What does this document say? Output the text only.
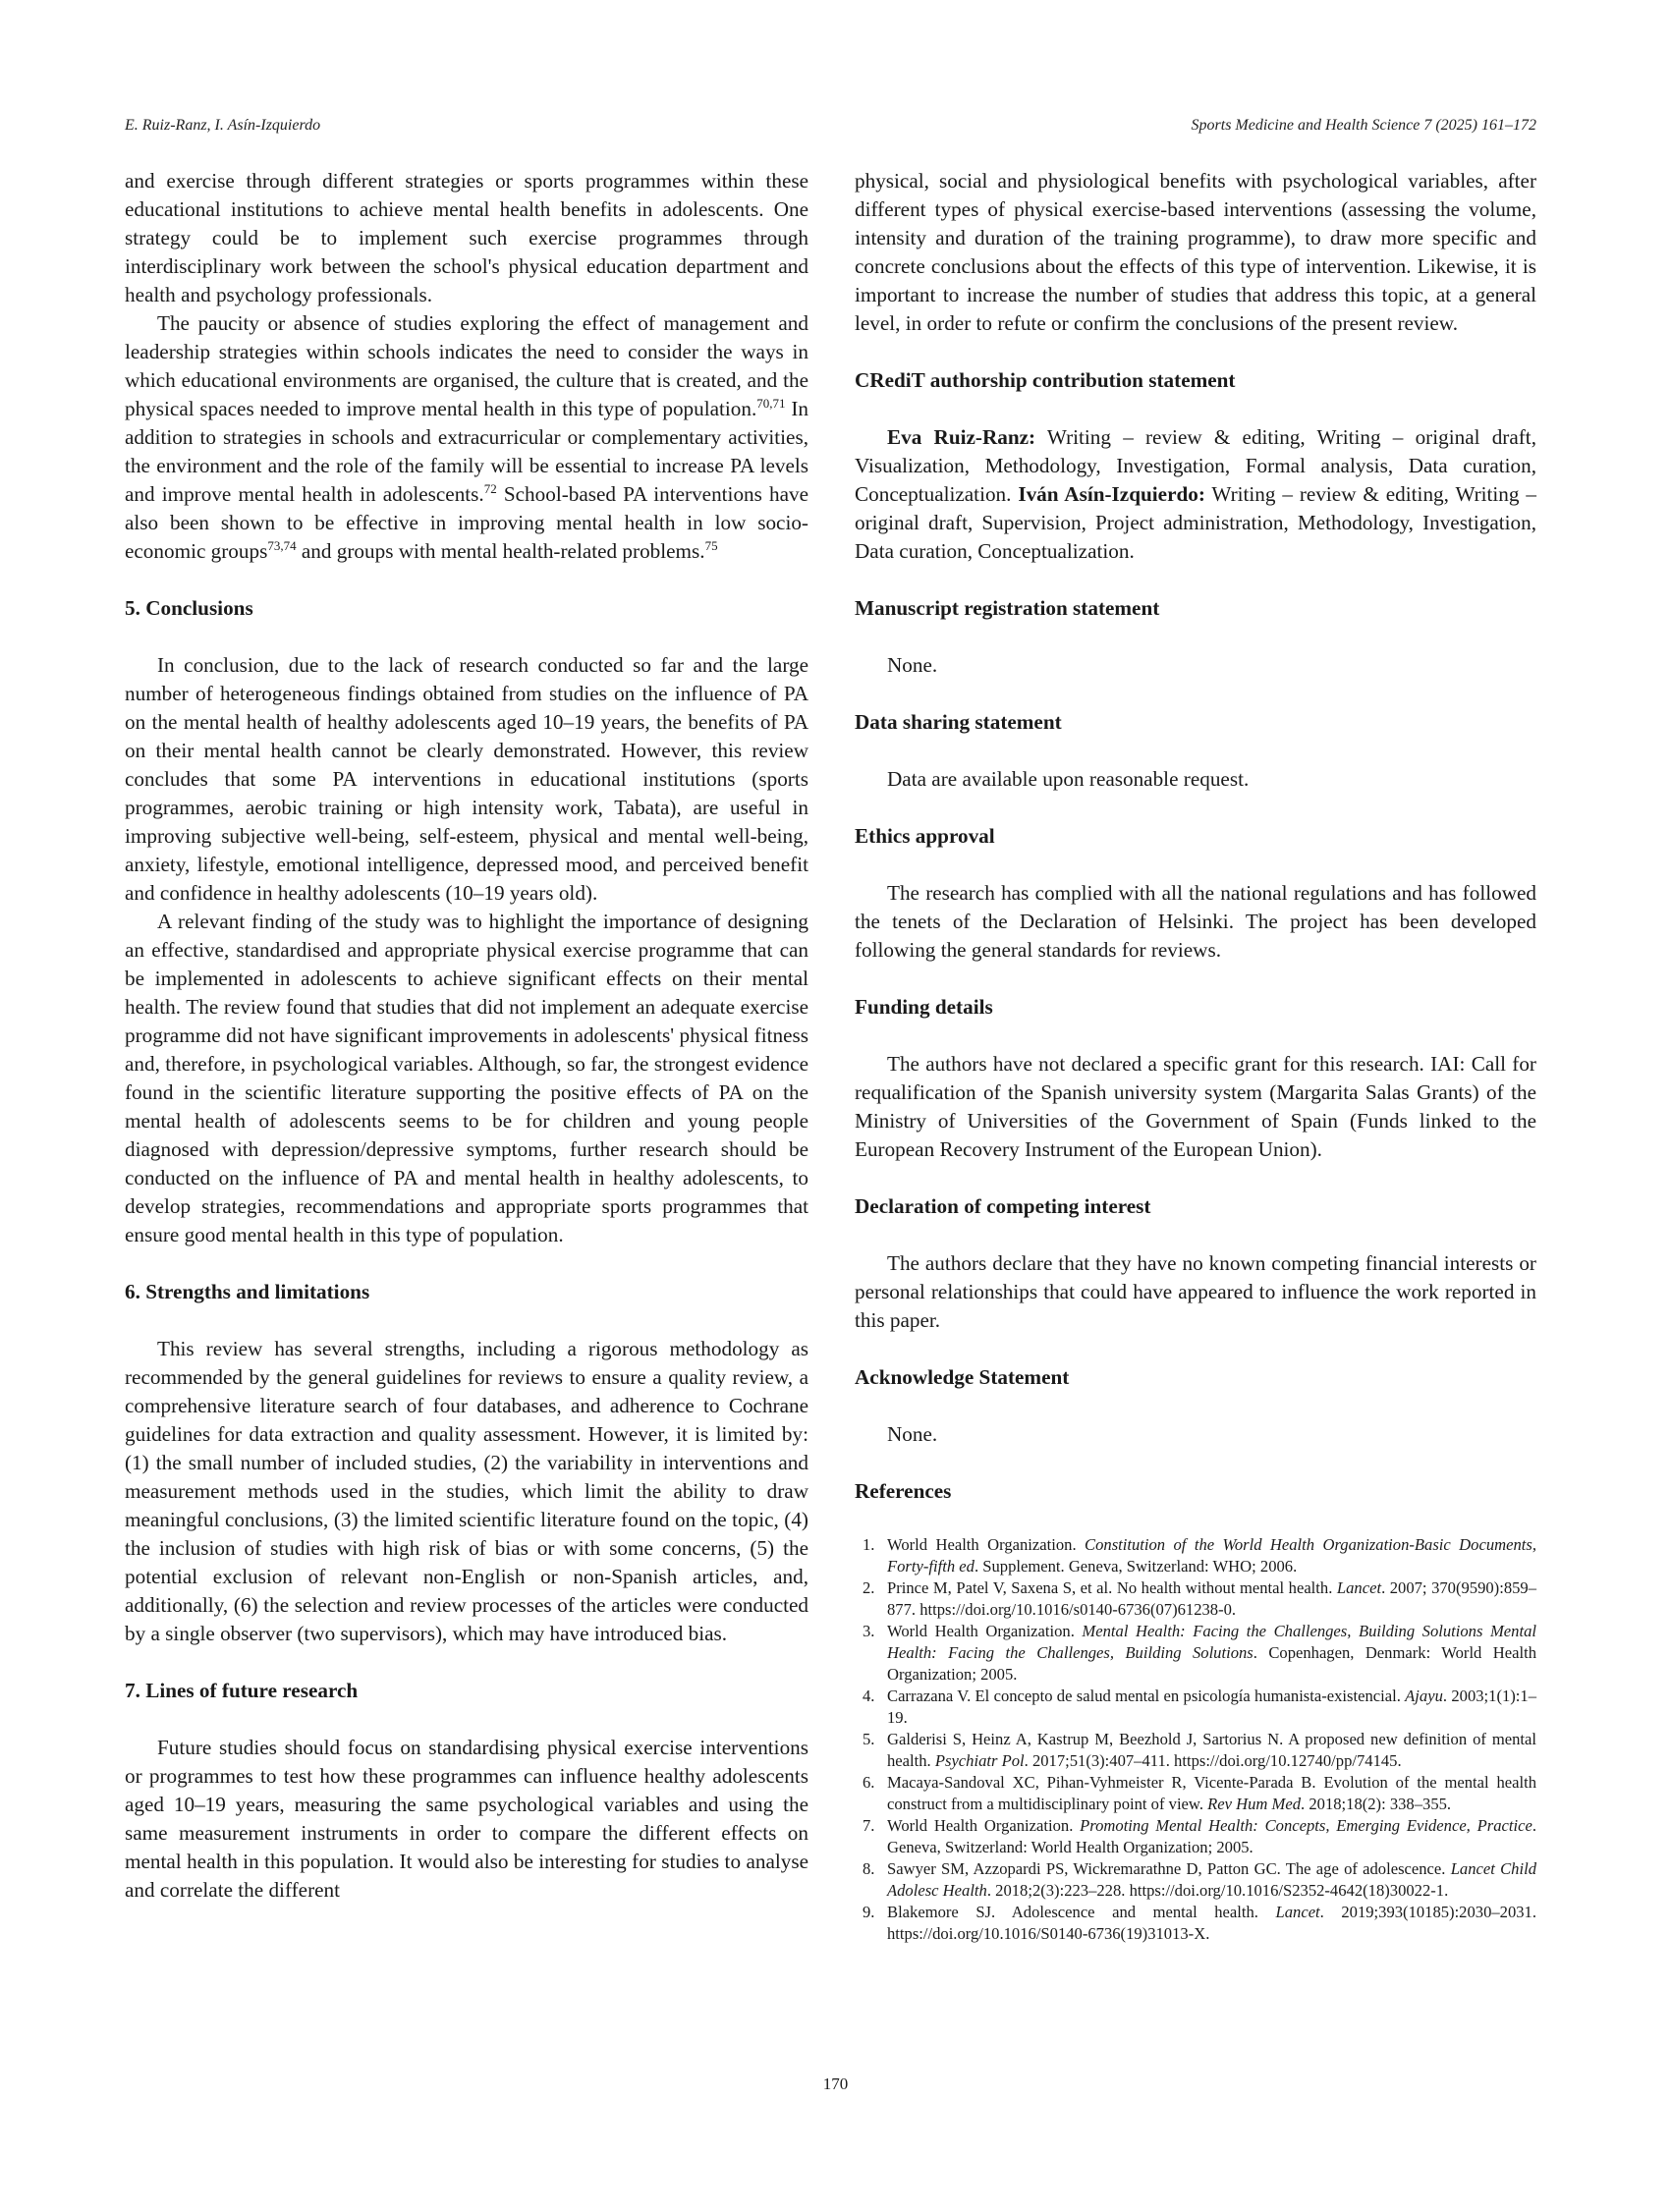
E. Ruiz-Ranz, I. Asín-Izquierdo	Sports Medicine and Health Science 7 (2025) 161–172

and exercise through different strategies or sports programmes within these educational institutions to achieve mental health benefits in adolescents. One strategy could be to implement such exercise programmes through interdisciplinary work between the school's physical education department and health and psychology professionals.

The paucity or absence of studies exploring the effect of management and leadership strategies within schools indicates the need to consider the ways in which educational environments are organised, the culture that is created, and the physical spaces needed to improve mental health in this type of population.$^{70,71}$ In addition to strategies in schools and extracurricular or complementary activities, the environment and the role of the family will be essential to increase PA levels and improve mental health in adolescents.$^{72}$ School-based PA interventions have also been shown to be effective in improving mental health in low socio-economic groups$^{73,74}$ and groups with mental health-related problems.$^{75}$

5. Conclusions

In conclusion, due to the lack of research conducted so far and the large number of heterogeneous findings obtained from studies on the influence of PA on the mental health of healthy adolescents aged 10–19 years, the benefits of PA on their mental health cannot be clearly demonstrated. However, this review concludes that some PA interventions in educational institutions (sports programmes, aerobic training or high intensity work, Tabata), are useful in improving subjective well-being, self-esteem, physical and mental well-being, anxiety, lifestyle, emotional intelligence, depressed mood, and perceived benefit and confidence in healthy adolescents (10–19 years old).

A relevant finding of the study was to highlight the importance of designing an effective, standardised and appropriate physical exercise programme that can be implemented in adolescents to achieve significant effects on their mental health. The review found that studies that did not implement an adequate exercise programme did not have significant improvements in adolescents' physical fitness and, therefore, in psychological variables. Although, so far, the strongest evidence found in the scientific literature supporting the positive effects of PA on the mental health of adolescents seems to be for children and young people diagnosed with depression/depressive symptoms, further research should be conducted on the influence of PA and mental health in healthy adolescents, to develop strategies, recommendations and appropriate sports programmes that ensure good mental health in this type of population.

6. Strengths and limitations

This review has several strengths, including a rigorous methodology as recommended by the general guidelines for reviews to ensure a quality review, a comprehensive literature search of four databases, and adherence to Cochrane guidelines for data extraction and quality assessment. However, it is limited by: (1) the small number of included studies, (2) the variability in interventions and measurement methods used in the studies, which limit the ability to draw meaningful conclusions, (3) the limited scientific literature found on the topic, (4) the inclusion of studies with high risk of bias or with some concerns, (5) the potential exclusion of relevant non-English or non-Spanish articles, and, additionally, (6) the selection and review processes of the articles were conducted by a single observer (two supervisors), which may have introduced bias.

7. Lines of future research

Future studies should focus on standardising physical exercise interventions or programmes to test how these programmes can influence healthy adolescents aged 10–19 years, measuring the same psychological variables and using the same measurement instruments in order to compare the different effects on mental health in this population. It would also be interesting for studies to analyse and correlate the different

physical, social and physiological benefits with psychological variables, after different types of physical exercise-based interventions (assessing the volume, intensity and duration of the training programme), to draw more specific and concrete conclusions about the effects of this type of intervention. Likewise, it is important to increase the number of studies that address this topic, at a general level, in order to refute or confirm the conclusions of the present review.

CRediT authorship contribution statement

Eva Ruiz-Ranz: Writing – review & editing, Writing – original draft, Visualization, Methodology, Investigation, Formal analysis, Data curation, Conceptualization. Iván Asín-Izquierdo: Writing – review & editing, Writing – original draft, Supervision, Project administration, Methodology, Investigation, Data curation, Conceptualization.

Manuscript registration statement

None.

Data sharing statement

Data are available upon reasonable request.

Ethics approval

The research has complied with all the national regulations and has followed the tenets of the Declaration of Helsinki. The project has been developed following the general standards for reviews.

Funding details

The authors have not declared a specific grant for this research. IAI: Call for requalification of the Spanish university system (Margarita Salas Grants) of the Ministry of Universities of the Government of Spain (Funds linked to the European Recovery Instrument of the European Union).

Declaration of competing interest

The authors declare that they have no known competing financial interests or personal relationships that could have appeared to influence the work reported in this paper.

Acknowledge Statement

None.

References
1. World Health Organization. Constitution of the World Health Organization-Basic Documents, Forty-fifth ed. Supplement. Geneva, Switzerland: WHO; 2006.
2. Prince M, Patel V, Saxena S, et al. No health without mental health. Lancet. 2007; 370(9590):859–877. https://doi.org/10.1016/s0140-6736(07)61238-0.
3. World Health Organization. Mental Health: Facing the Challenges, Building Solutions Mental Health: Facing the Challenges, Building Solutions. Copenhagen, Denmark: World Health Organization; 2005.
4. Carrazana V. El concepto de salud mental en psicología humanista-existencial. Ajayu. 2003;1(1):1–19.
5. Galderisi S, Heinz A, Kastrup M, Beezhold J, Sartorius N. A proposed new definition of mental health. Psychiatr Pol. 2017;51(3):407–411. https://doi.org/10.12740/pp/74145.
6. Macaya-Sandoval XC, Pihan-Vyhmeister R, Vicente-Parada B. Evolution of the mental health construct from a multidisciplinary point of view. Rev Hum Med. 2018;18(2): 338–355.
7. World Health Organization. Promoting Mental Health: Concepts, Emerging Evidence, Practice. Geneva, Switzerland: World Health Organization; 2005.
8. Sawyer SM, Azzopardi PS, Wickremarathne D, Patton GC. The age of adolescence. Lancet Child Adolesc Health. 2018;2(3):223–228. https://doi.org/10.1016/S2352-4642(18)30022-1.
9. Blakemore SJ. Adolescence and mental health. Lancet. 2019;393(10185):2030–2031. https://doi.org/10.1016/S0140-6736(19)31013-X.
170
